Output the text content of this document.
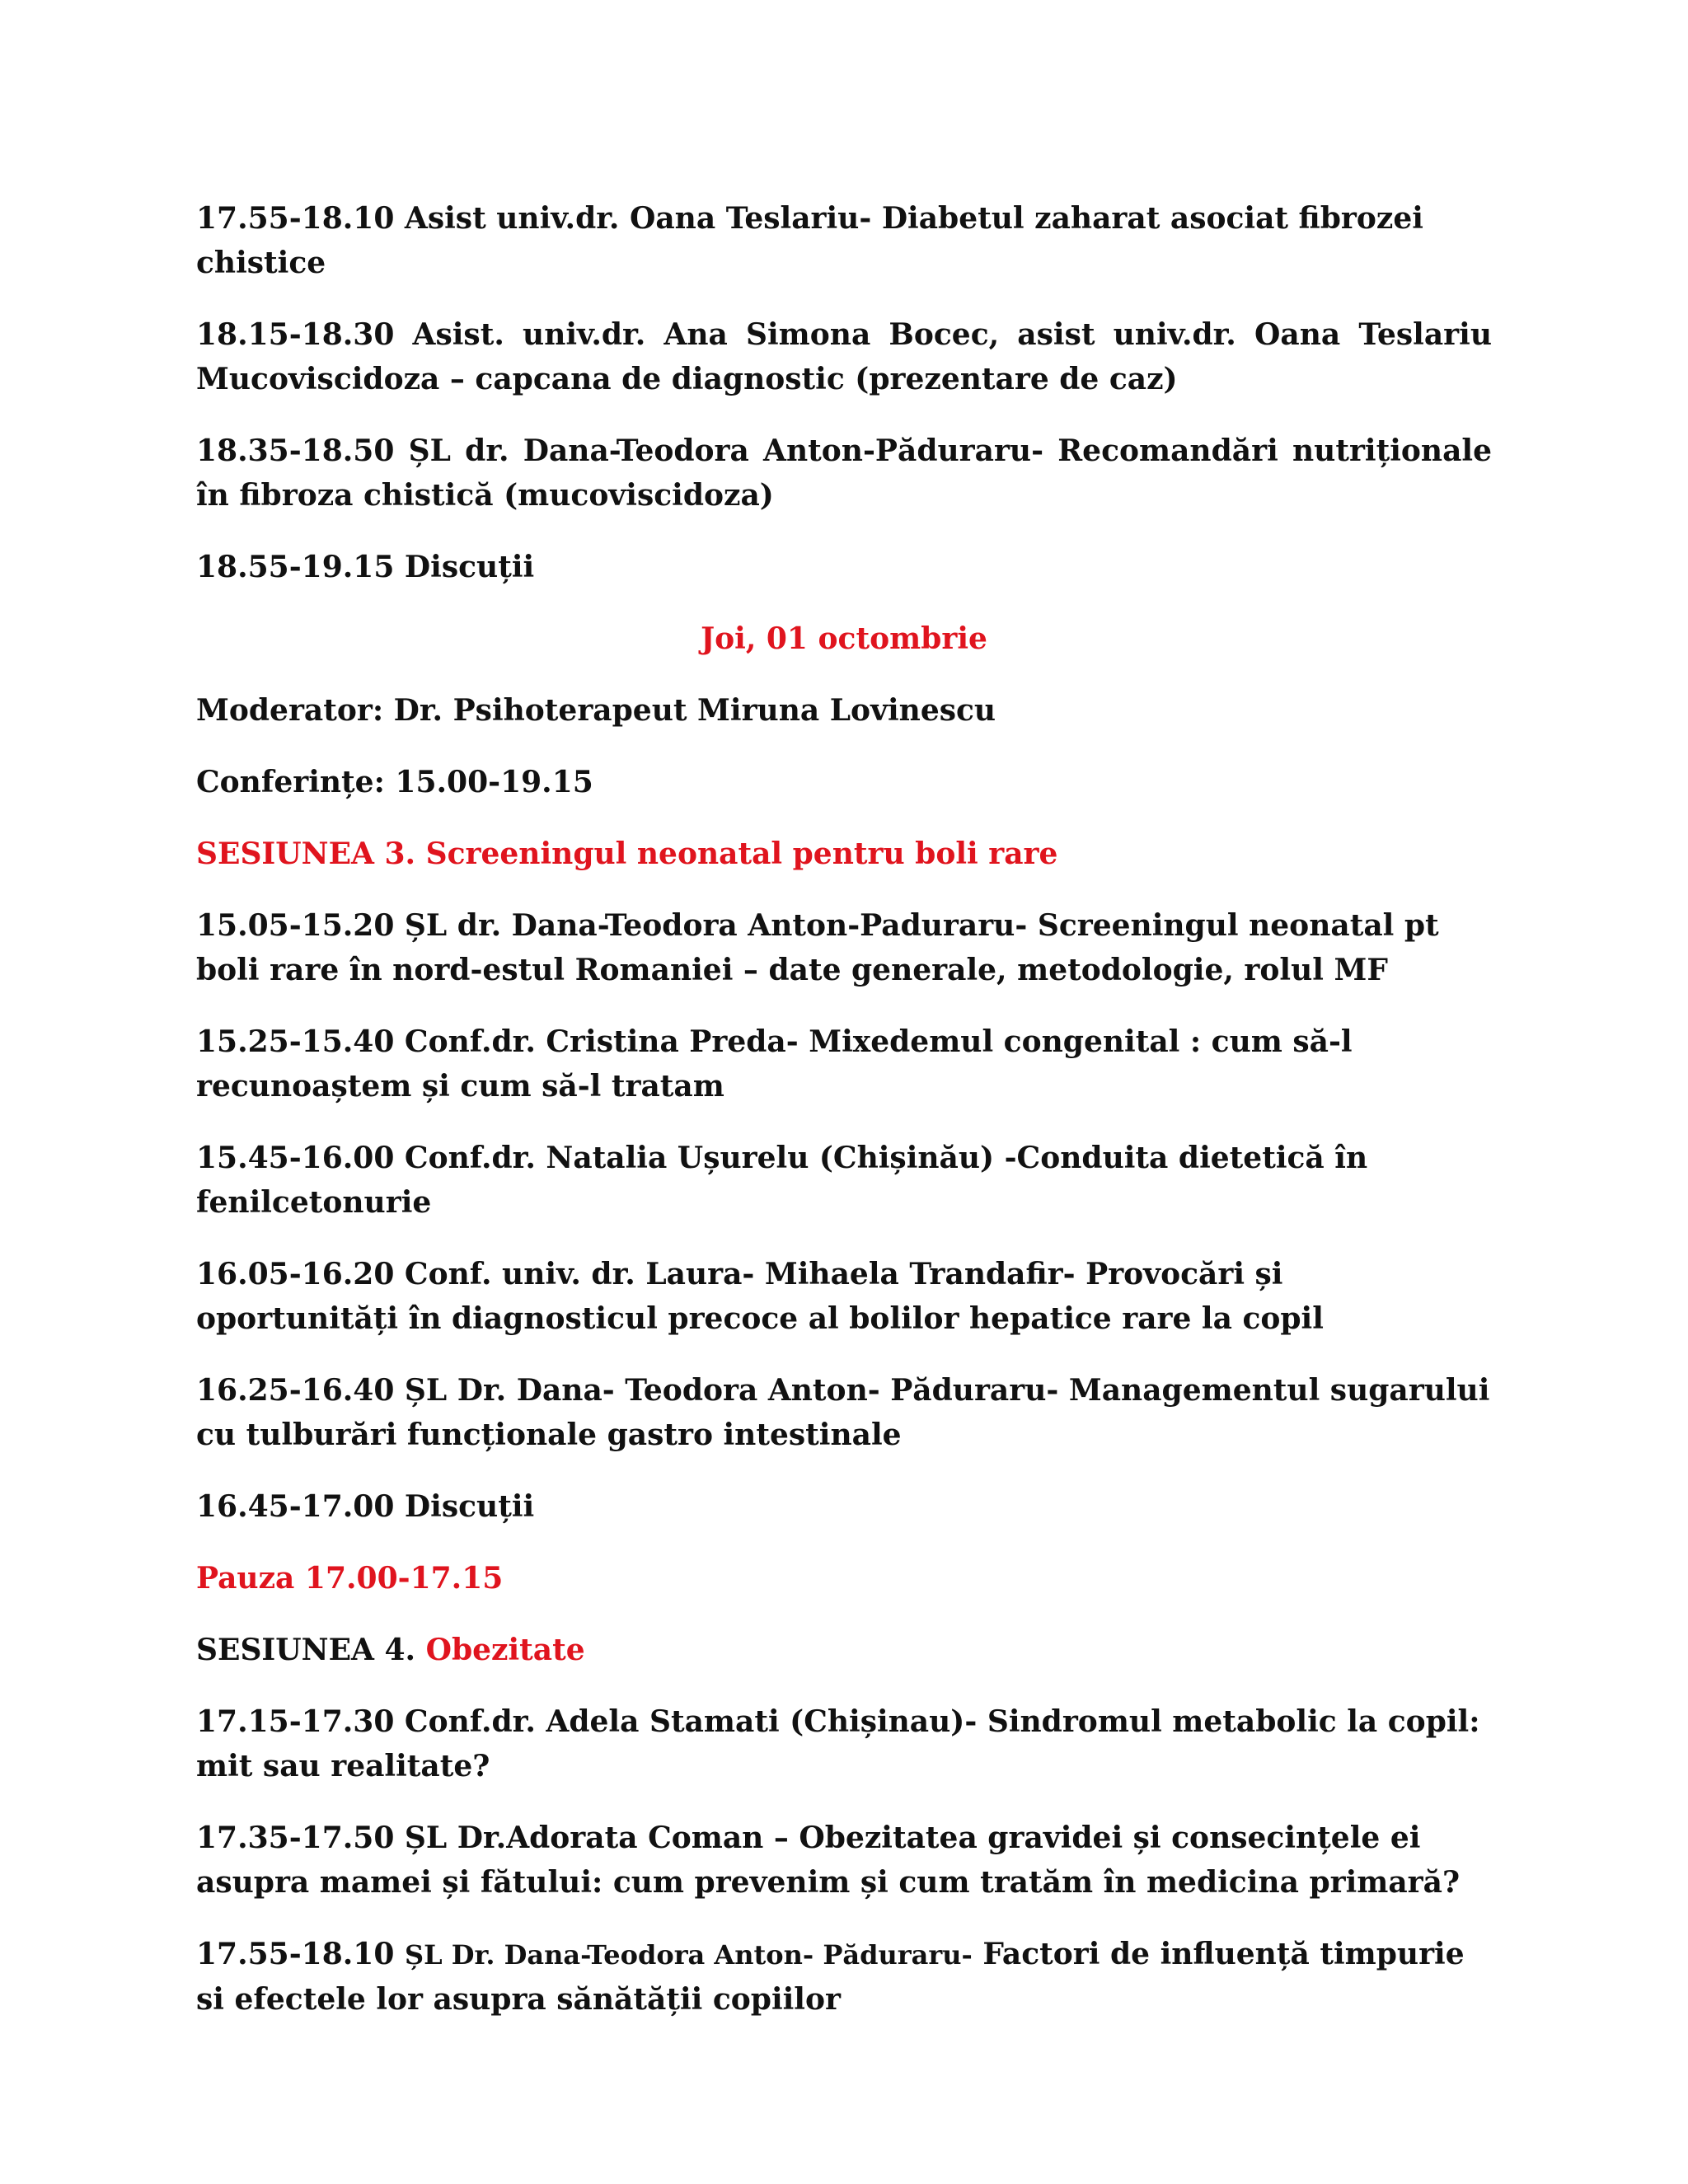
17.55-18.10 Asist univ.dr. Oana Teslariu- Diabetul zaharat asociat fibrozei chistice

18.15-18.30 Asist. univ.dr. Ana Simona Bocec, asist univ.dr. Oana Teslariu Mucoviscidoza – capcana de diagnostic (prezentare de caz)

18.35-18.50 ȘL dr. Dana-Teodora Anton-Păduraru- Recomandări nutriționale în fibroza chistică (mucoviscidoza)

18.55-19.15 Discuții

Joi, 01 octombrie

Moderator: Dr. Psihoterapeut Miruna Lovinescu

Conferințe: 15.00-19.15

SESIUNEA 3. Screeningul neonatal pentru boli rare

15.05-15.20 ȘL dr. Dana-Teodora Anton-Paduraru- Screeningul neonatal pt boli rare în nord-estul Romaniei – date generale, metodologie, rolul MF

15.25-15.40 Conf.dr. Cristina Preda- Mixedemul congenital : cum să-l recunoaștem și cum să-l tratam

15.45-16.00 Conf.dr. Natalia Ușurelu (Chișinău) -Conduita dietetică în fenilcetonurie

16.05-16.20 Conf. univ. dr. Laura- Mihaela Trandafir- Provocări și oportunități în diagnosticul precoce al bolilor hepatice rare la copil

16.25-16.40 ȘL Dr. Dana- Teodora Anton- Păduraru- Managementul sugarului cu tulburări funcționale gastro intestinale

16.45-17.00 Discuții

Pauza 17.00-17.15

SESIUNEA 4. Obezitate

17.15-17.30 Conf.dr. Adela Stamati (Chișinau)- Sindromul metabolic la copil: mit sau realitate?

17.35-17.50 ȘL Dr.Adorata Coman – Obezitatea gravidei și consecințele ei asupra mamei și fătului: cum prevenim și cum tratăm în medicina primară?

17.55-18.10 ȘL Dr. Dana-Teodora Anton- Păduraru- Factori de influență timpurie si efectele lor asupra sănătății copiilor
